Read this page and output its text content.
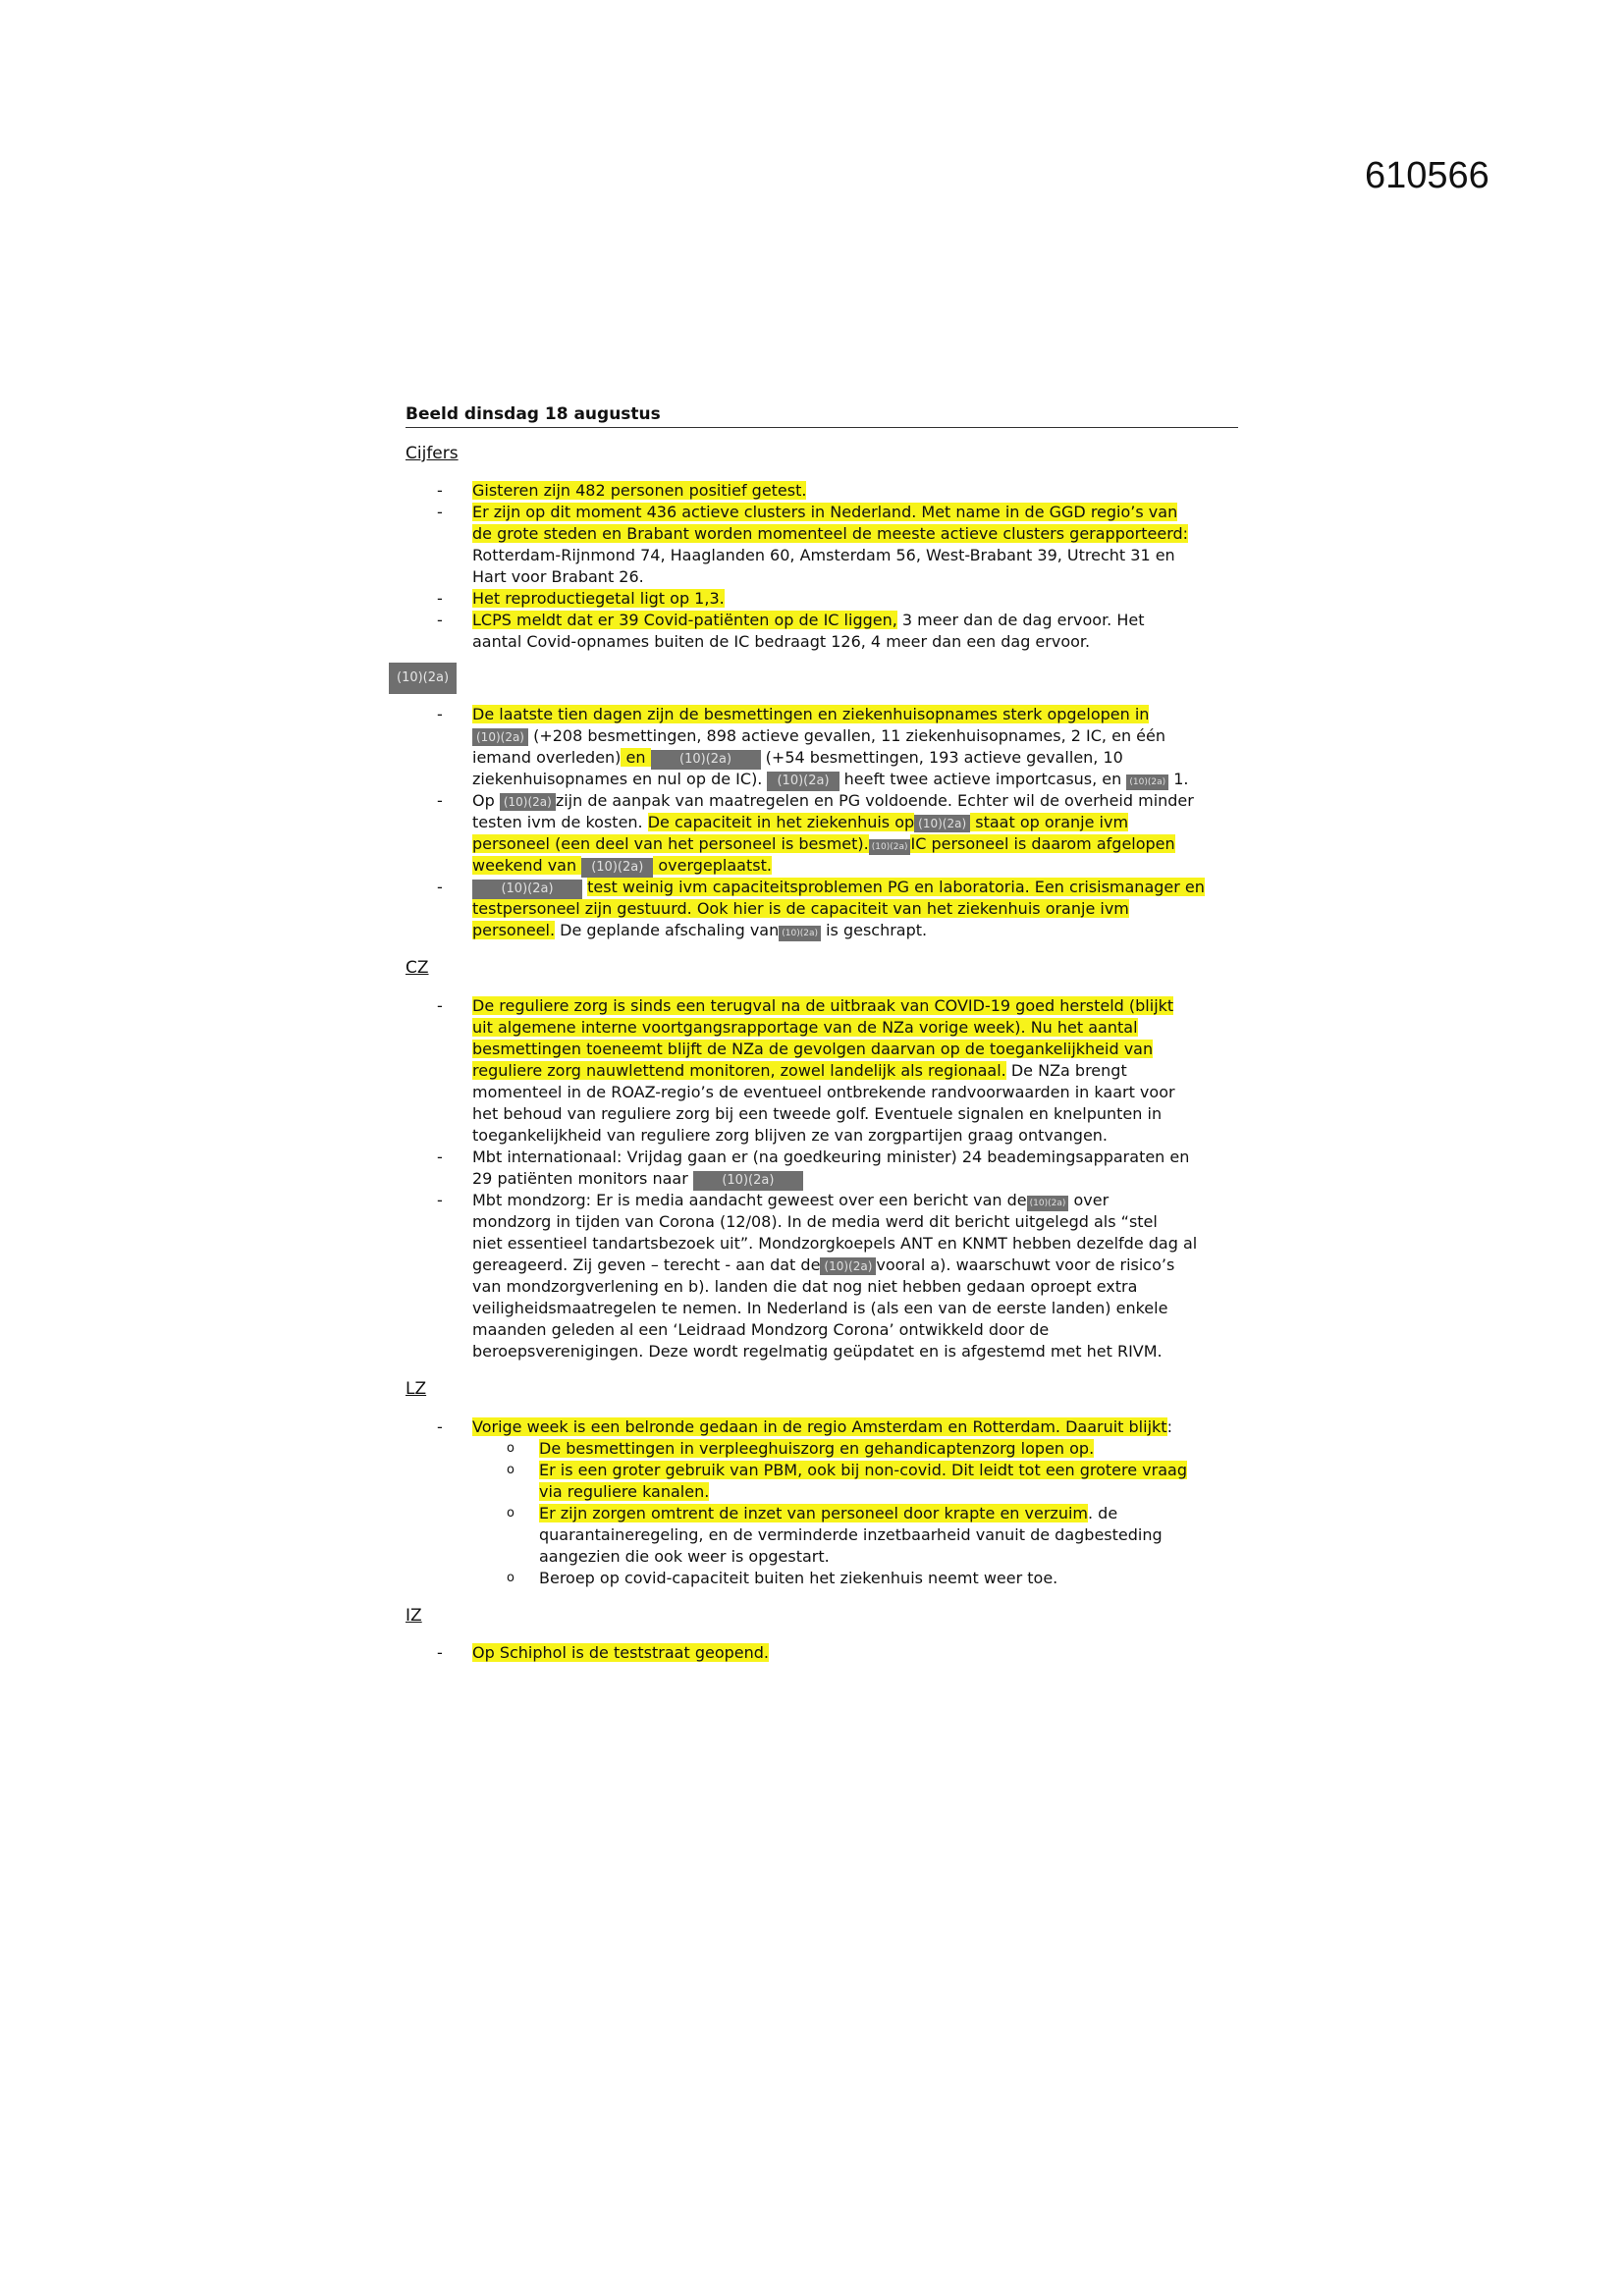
610566
Beeld dinsdag 18 augustus
Cijfers
- Gisteren zijn 482 personen positief getest.
- Er zijn op dit moment 436 actieve clusters in Nederland. Met name in de GGD regio’s van
de grote steden en Brabant worden momenteel de meeste actieve clusters gerapporteerd:
Rotterdam-Rijnmond 74, Haaglanden 60, Amsterdam 56, West-Brabant 39, Utrecht 31 en
Hart voor Brabant 26.
- Het reproductiegetal ligt op 1,3.
- LCPS meldt dat er 39 Covid-patiënten op de IC liggen, 3 meer dan de dag ervoor. Het
aantal Covid-opnames buiten de IC bedraagt 126, 4 meer dan een dag ervoor.
(10)(2a)
- De laatste tien dagen zijn de besmettingen en ziekenhuisopnames sterk opgelopen in
(10)(2a) (+208 besmettingen, 898 actieve gevallen, 11 ziekenhuisopnames, 2 IC, en één
iemand overleden) en (10)(2a) (+54 besmettingen, 193 actieve gevallen, 10
ziekenhuisopnames en nul op de IC). (10)(2a) heeft twee actieve importcasus, en (10)(2a) 1.
- Op (10)(2a) zijn de aanpak van maatregelen en PG voldoende. Echter wil de overheid minder
testen ivm de kosten. De capaciteit in het ziekenhuis op (10)(2a) staat op oranje ivm
personeel (een deel van het personeel is besmet). (10)(2a) IC personeel is daarom afgelopen
weekend van (10)(2a) overgeplaatst.
-	(10)(2a) test weinig ivm capaciteitsproblemen PG en laboratoria. Een crisismanager en
testpersoneel zijn gestuurd. Ook hier is de capaciteit van het ziekenhuis oranje ivm
personeel. De geplande afschaling van (10)(2a) is geschrapt.
CZ
- De reguliere zorg is sinds een terugval na de uitbraak van COVID-19 goed hersteld (blijkt
uit algemene interne voortgangsrapportage van de NZa vorige week). Nu het aantal
besmettingen toeneemt blijft de NZa de gevolgen daarvan op de toegankelijkheid van
reguliere zorg nauwlettend monitoren, zowel landelijk als regionaal. De NZa brengt
momenteel in de ROAZ-regio’s de eventueel ontbrekende randvoorwaarden in kaart voor
het behoud van reguliere zorg bij een tweede golf. Eventuele signalen en knelpunten in
toegankelijkheid van reguliere zorg blijven ze van zorgpartijen graag ontvangen.
- Mbt internationaal: Vrijdag gaan er (na goedkeuring minister) 24 beademingsapparaten en
29 patiënten monitors naar (10)(2a)
- Mbt mondzorg: Er is media aandacht geweest over een bericht van de (10)(2a) over
mondzorg in tijden van Corona (12/08). In de media werd dit bericht uitgelegd als “stel
niet essentieel tandartsbezoek uit”. Mondzorgkoepels ANT en KNMT hebben dezelfde dag al
gereageerd. Zij geven – terecht - aan dat de (10)(2a) vooral a). waarschuwt voor de risico’s
van mondzorgverlening en b). landen die dat nog niet hebben gedaan oproept extra
veiligheidsmaatregelen te nemen. In Nederland is (als een van de eerste landen) enkele
maanden geleden al een ‘Leidraad Mondzorg Corona’ ontwikkeld door de
beroepsverenigingen. Deze wordt regelmatig geüpdatet en is afgestemd met het RIVM.
LZ
- Vorige week is een belronde gedaan in de regio Amsterdam en Rotterdam. Daaruit blijkt:
o De besmettingen in verpleeghuiszorg en gehandicaptenzorg lopen op.
o Er is een groter gebruik van PBM, ook bij non-covid. Dit leidt tot een grotere vraag
via reguliere kanalen.
o Er zijn zorgen omtrent de inzet van personeel door krapte en verzuim. de
quarantaineregeling, en de verminderde inzetbaarheid vanuit de dagbesteding
aangezien die ook weer is opgestart.
o Beroep op covid-capaciteit buiten het ziekenhuis neemt weer toe.
IZ
- Op Schiphol is de teststraat geopend.
